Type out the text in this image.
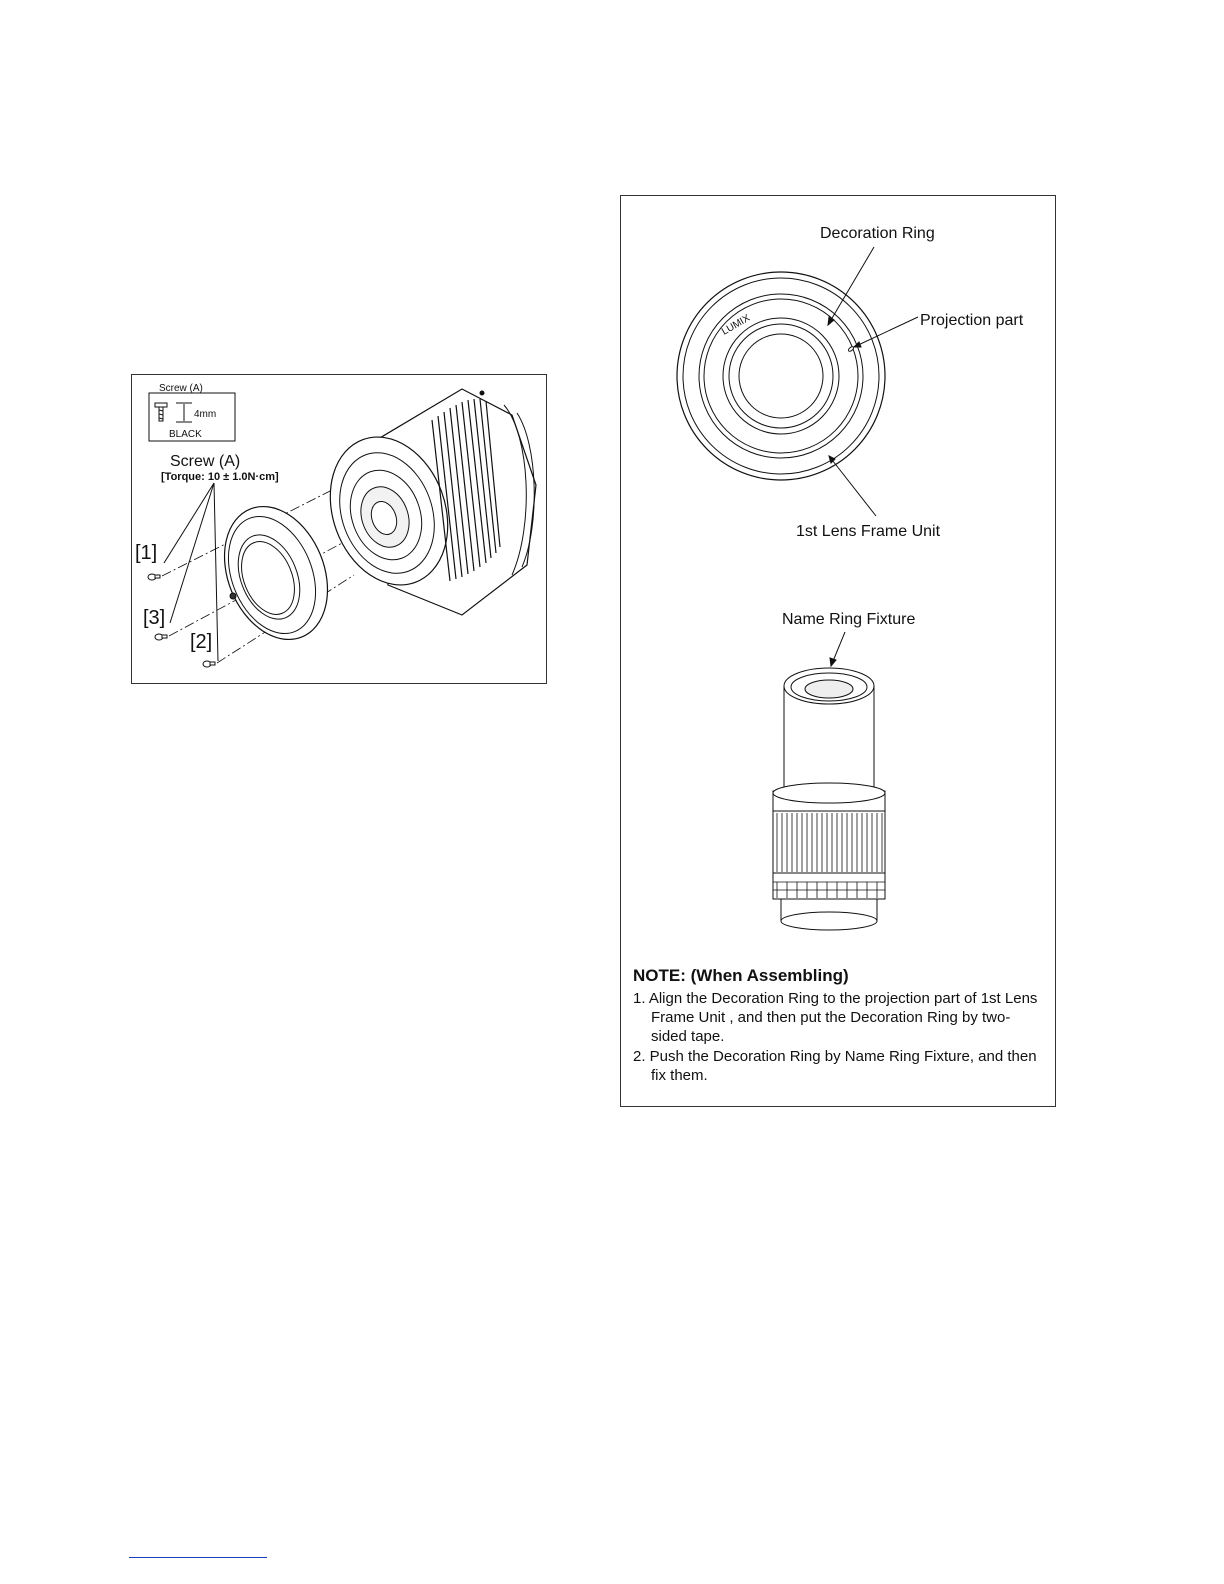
Screw (A)
4mm
BLACK
Screw (A)
[Torque: 10 ± 1.0N·cm]
[1]
[3]
[2]
Decoration Ring
Projection part
1st Lens Frame Unit
LUMIX
Name Ring Fixture
NOTE: (When Assembling)
1. Align the Decoration Ring to the projection part of 1st Lens Frame Unit , and then put the Decoration Ring by two-sided tape.
2. Push the Decoration Ring by Name Ring Fixture, and then fix them.
